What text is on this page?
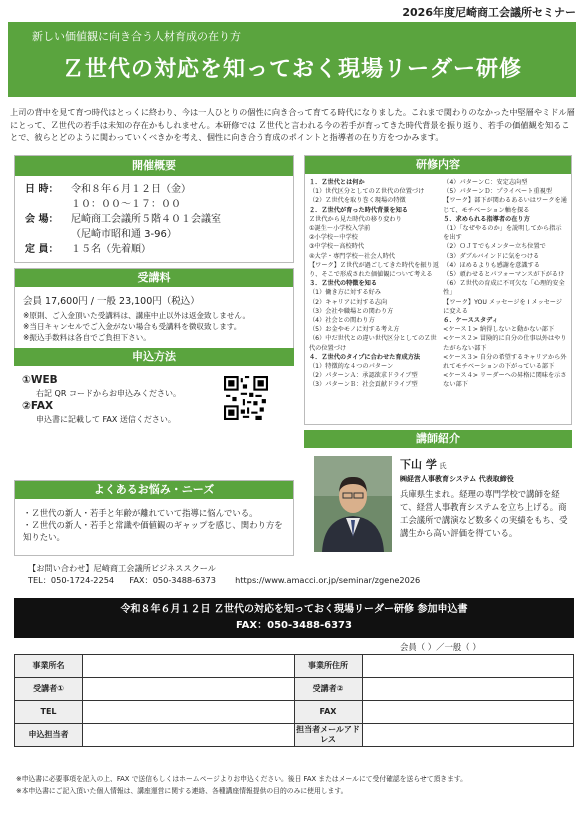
2026年度尼崎商工会議所セミナー
新しい価値観に向き合う人材育成の在り方
Ｚ世代の対応を知っておく現場リーダー研修
上司の背中を見て育つ時代はとっくに終わり、今は一人ひとりの個性に向き合って育てる時代になりました。これまで関わりのなかった中堅層やミドル層にとって、Ｚ世代の若手は未知の存在かもしれません。本研修では Ｚ世代と言われる今の若手が育ってきた時代背景を振り返り、若手の価値観を知ることで、彼らとどのように関わっていくべきかを考え、個性に向き合う育成のポイントと指導者の在り方をつかみます。
開催概要
日 時：	令和８年６月１２日（金）
１０：００～１７：００
会 場：	尼崎商工会議所５階４０１会議室
（尼崎市昭和通 3-96）
定 員：	１５名（先着順）
受講料
会員 17,600円 / 一般 23,100円（税込）
※原則、ご入金頂いた受講料は、講座中止以外は返金致しません。
※当日キャンセルでご入金がない場合も受講料を徴収致します。
※振込手数料は各自でご負担下さい。
申込方法
①WEB
右記 QR コードからお申込みください。
②FAX
申込書に記載して FAX 送信ください。
よくあるお悩み・ニーズ
・Ｚ世代の新人・若手と年齢が離れていて指導に悩んでいる。
・Ｚ世代の新人・若手と常識や価値観のギャップを感じ、関わり方を知りたい。
研修内容
１．Ｚ世代とは何か
（1）世代区分としてのＺ世代の位置づけ
（2）Ｚ世代を取り巻く現場の特徴
２．Ｚ世代が育った時代背景を知る
Ｚ世代から見た時代の移り変わり
①誕生～小学校入学前
②小学校～中学校
③中学校～高校時代
④大学・専門学校～社会人時代
【ワーク】Ｚ世代が過ごしてきた時代を振り返り、そこで形成された価値観について考える
３．Ｚ世代の特徴を知る
（1）働き方に対する好み
（2）キャリアに対する志向
（3）会社や職場との関わり方
（4）社会との関わり方
（5）お金やモノに対する考え方
（6）中だ世代との違い世代区分としてのＺ世代の位置づけ
４．Ｚ世代のタイプに合わせた育成方法
（1）特徴的な４つのパターン
（2）パターンＡ：承認欲求ドライブ型
（3）パターンＢ：社会貢献ドライブ型
（4）パターンＣ：安定志向型
（5）パターンＤ：プライベート重視型
【ワーク】部下が関わるあるいはワークを通じて、モチベーション軸を探る
５．求められる指導者の在り方
（1）「なぜやるのか」を説明してから指示を出す
（2）ＯＪＴでもメンター立ち位置で
（3）ダブルバインドに気をつける
（4）ほめるよりも感謝を意識する
（5）頑わせるとパフォーマンスが下がる!?
（6）Ｚ世代の育成に不可欠な「心理的安全性」
【ワーク】YOU メッセージを I メッセージに変える
６．ケーススタディ
<ケース１> 納得しないと動かない部下
<ケース２> 冒険的に自分の仕事以外はやりたがらない部下
<ケース３> 自分の希望するキャリアから外れてモチベーションの下がっている部下
<ケース４> リーダーへの昇格に関味を示さない部下
講師紹介
下山 学 氏
㈱経営人事教育システム 代表取締役
兵庫県生まれ。経理の専門学校で講師を経て、経営人事教育システムを立ち上げる。商工会議所で講演など数多くの実績をもち、受講生から高い評価を得ている。
【お問い合わせ】尼崎商工会議所ビジネススクール
TEL：050-1724-2254 FAX：050-3488-6373 https://www.amacci.or.jp/seminar/zgene2026
令和８年６月１２日 Ｚ世代の対応を知っておく現場リーダー研修 参加申込書
FAX：050-3488-6373
会員（ ）／一般（ ）
事業所名		事業所住所	
受講者①		受講者②	
TEL		FAX	
申込担当者		担当者メールアドレス	
※申込書に必要事項を記入の上、FAX で送信もしくはホームページよりお申込ください。後日 FAX またはメールにて受付確認を送らせて頂きます。
※本申込書にご記入頂いた個人情報は、講座運営に関する連絡、各種講座情報提供の目的のみに使用します。
